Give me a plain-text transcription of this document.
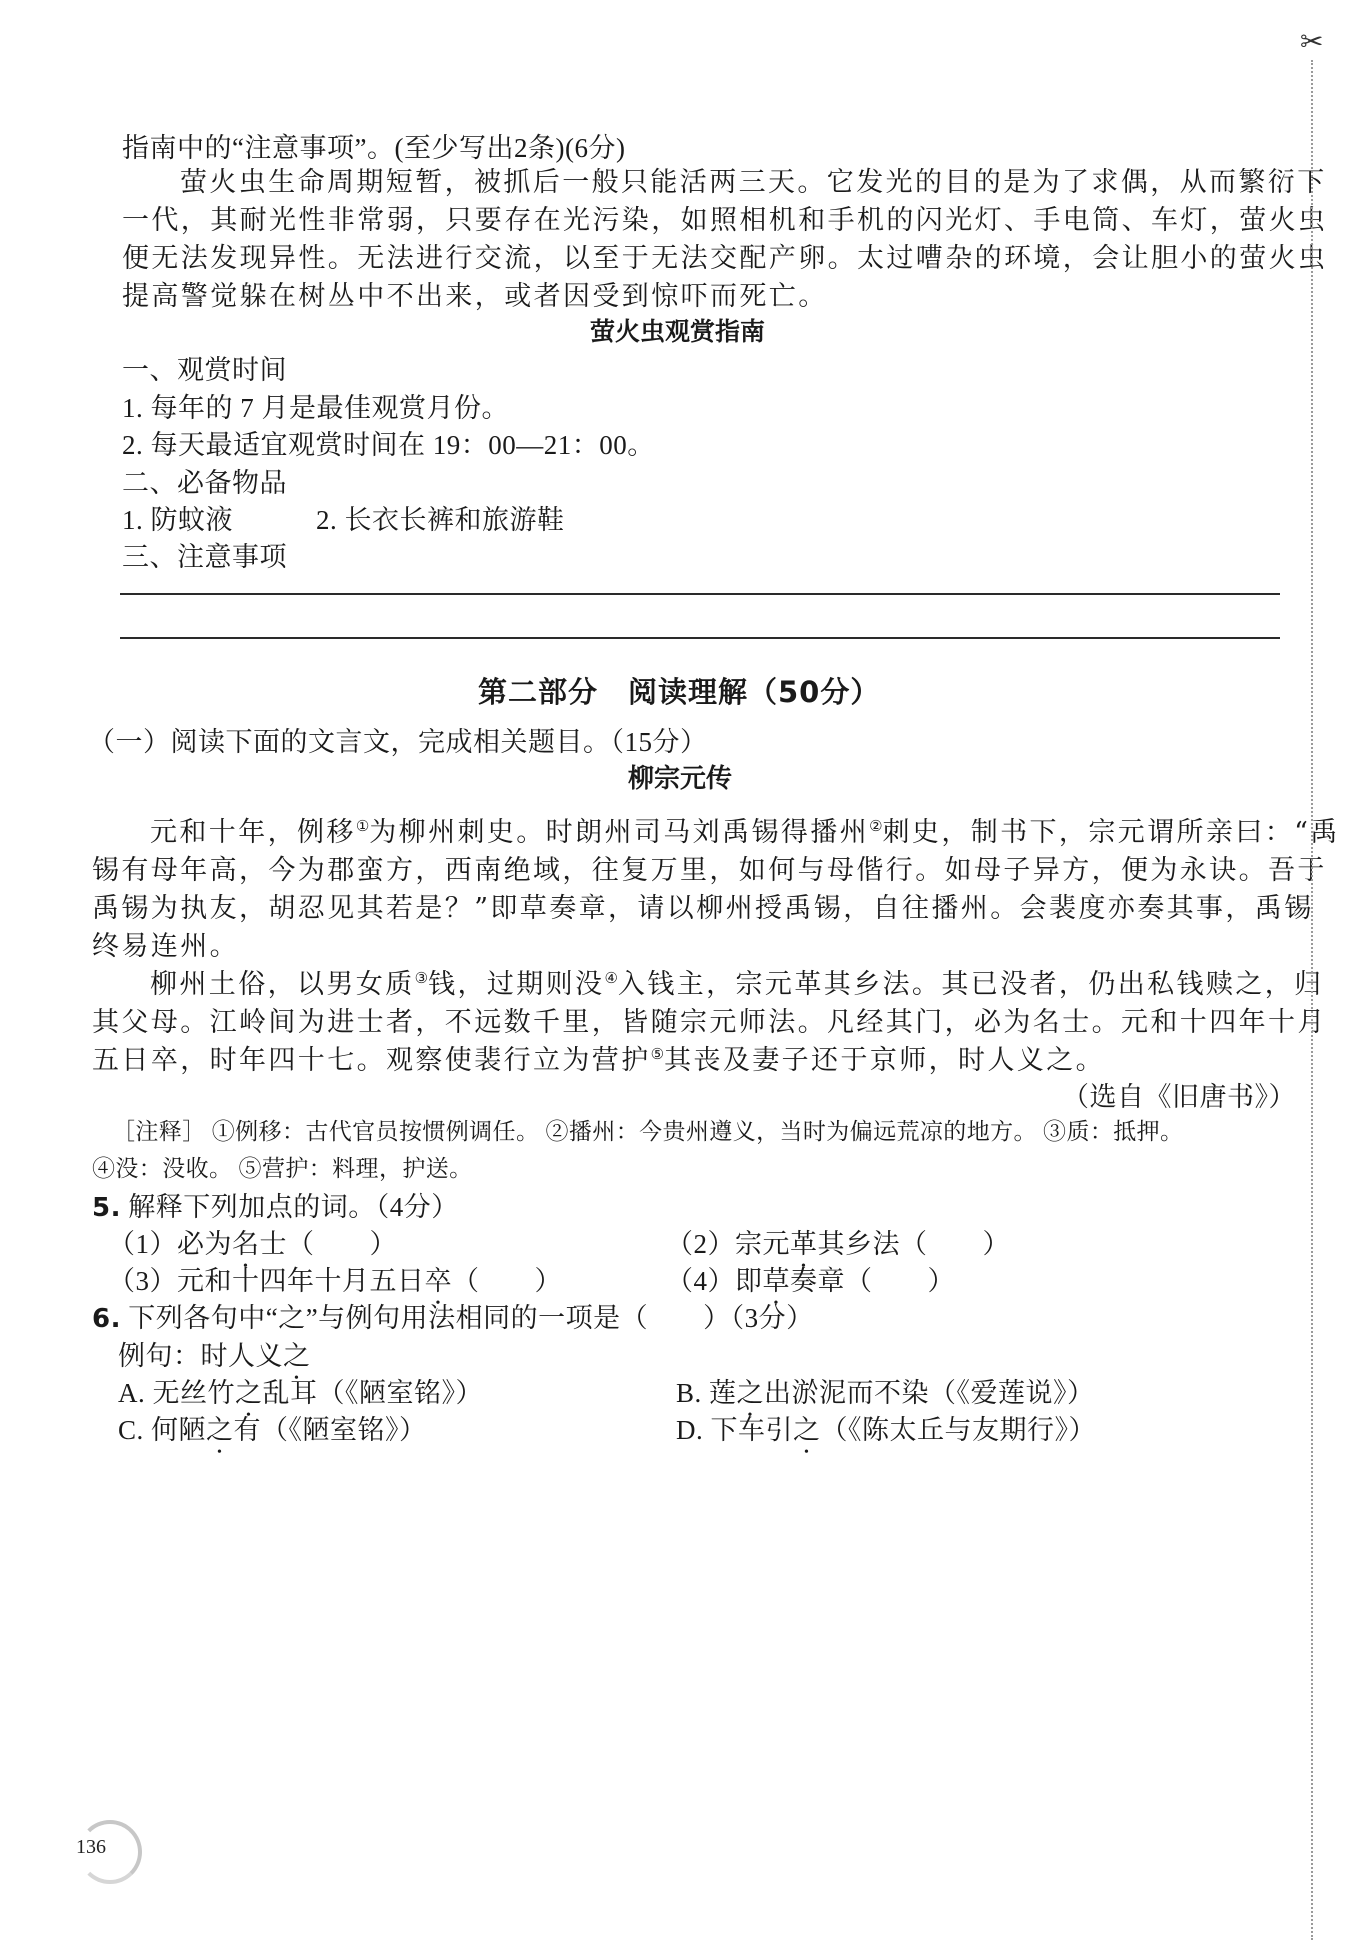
指南中的“注意事项”。(至少写出2条)(6分)
萤火虫生命周期短暂，被抓后一般只能活两三天。它发光的目的是为了求偶，从而繁衍下
一代，其耐光性非常弱，只要存在光污染，如照相机和手机的闪光灯、手电筒、车灯，萤火虫
便无法发现异性。无法进行交流，以至于无法交配产卵。太过嘈杂的环境，会让胆小的萤火虫
提高警觉躲在树丛中不出来，或者因受到惊吓而死亡。
萤火虫观赏指南
一、观赏时间
1. 每年的 7 月是最佳观赏月份。
2. 每天最适宜观赏时间在 19：00—21：00。
二、必备物品
1. 防蚊液	2. 长衣长裤和旅游鞋
三、注意事项
第二部分　阅读理解（50分）
（一）阅读下面的文言文，完成相关题目。（15分）
柳宗元传
元和十年，例移①为柳州刺史。时朗州司马刘禹锡得播州②刺史，制书下，宗元谓所亲曰：“禹
锡有母年高，今为郡蛮方，西南绝域，往复万里，如何与母偕行。如母子异方，便为永诀。吾于
禹锡为执友，胡忍见其若是？”即草奏章，请以柳州授禹锡，自往播州。会裴度亦奏其事，禹锡
终易连州。
柳州土俗，以男女质③钱，过期则没④入钱主，宗元革其乡法。其已没者，仍出私钱赎之，归
其父母。江岭间为进士者，不远数千里，皆随宗元师法。凡经其门，必为名士。元和十四年十月
五日卒，时年四十七。观察使裴行立为营护⑤其丧及妻子还于京师，时人义之。
（选自《旧唐书》）
［注释］ ①例移：古代官员按惯例调任。 ②播州：今贵州遵义，当时为偏远荒凉的地方。 ③质：抵押。
④没：没收。 ⑤营护：料理，护送。
5. 解释下列加点的词。（4分）
（1）必为名士（　　）	（2）宗元革其乡法（　　）
（3）元和十四年十月五日卒（　　）	（4）即草奏章（　　）
6. 下列各句中“之”与例句用法相同的一项是（　　）（3分）
例句：时人义之
A. 无丝竹之乱耳（《陋室铭》）	B. 莲之出淤泥而不染（《爱莲说》）
C. 何陋之有（《陋室铭》）	D. 下车引之（《陈太丘与友期行》）
136
✂
